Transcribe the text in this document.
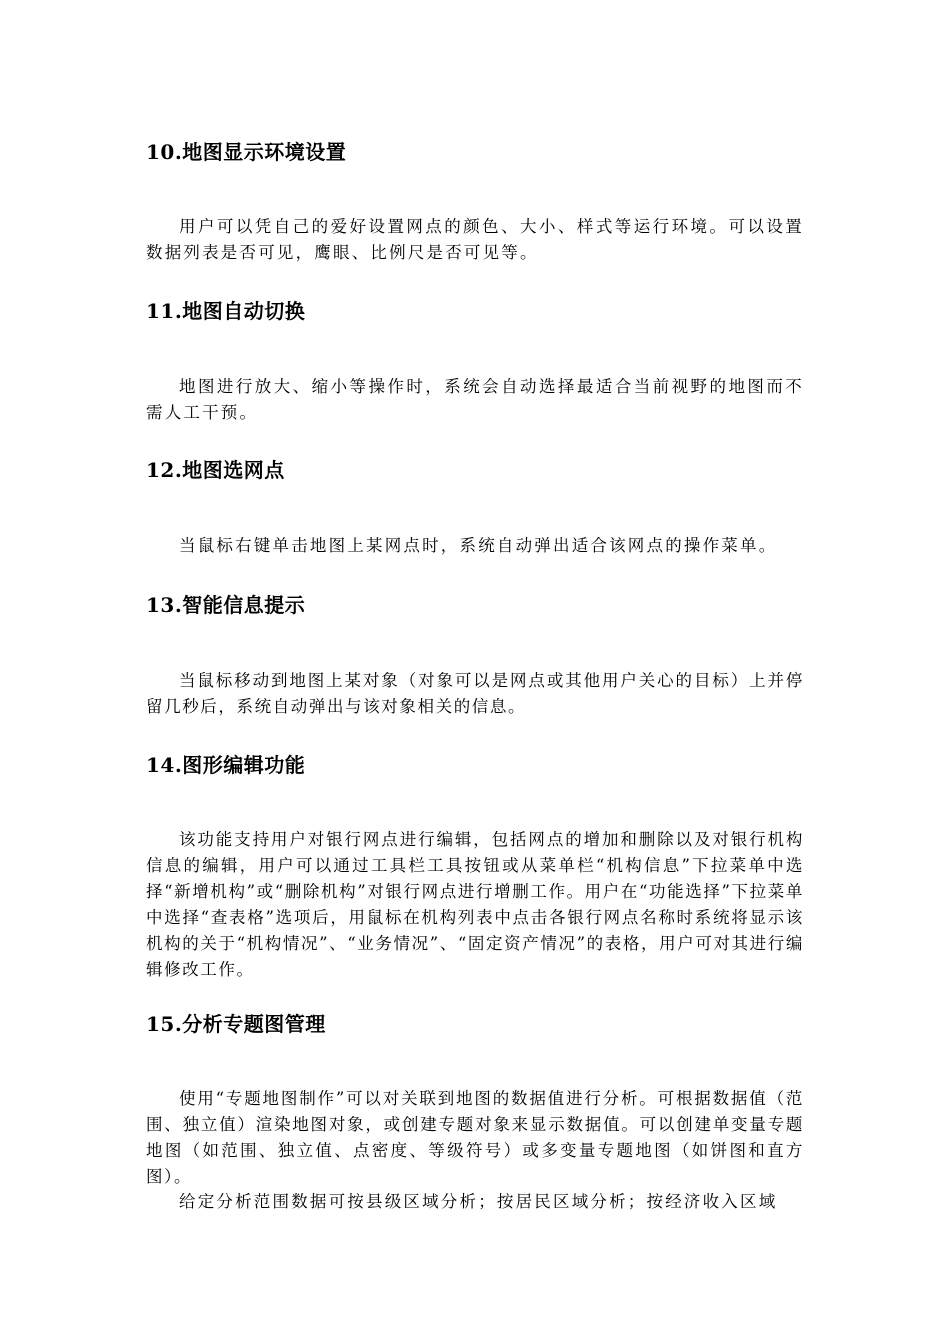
10.地图显示环境设置

用户可以凭自己的爱好设置网点的颜色、大小、样式等运行环境。可以设置数据列表是否可见，鹰眼、比例尺是否可见等。

11.地图自动切换

地图进行放大、缩小等操作时，系统会自动选择最适合当前视野的地图而不需人工干预。

12.地图选网点

当鼠标右键单击地图上某网点时，系统自动弹出适合该网点的操作菜单。

13.智能信息提示

当鼠标移动到地图上某对象（对象可以是网点或其他用户关心的目标）上并停留几秒后，系统自动弹出与该对象相关的信息。

14.图形编辑功能

该功能支持用户对银行网点进行编辑，包括网点的增加和删除以及对银行机构信息的编辑，用户可以通过工具栏工具按钮或从菜单栏“机构信息”下拉菜单中选择“新增机构”或“删除机构”对银行网点进行增删工作。用户在“功能选择”下拉菜单中选择“查表格”选项后，用鼠标在机构列表中点击各银行网点名称时系统将显示该机构的关于“机构情况”、“业务情况”、“固定资产情况”的表格，用户可对其进行编辑修改工作。

15.分析专题图管理

使用“专题地图制作”可以对关联到地图的数据值进行分析。可根据数据值（范围、独立值）渲染地图对象，或创建专题对象来显示数据值。可以创建单变量专题地图（如范围、独立值、点密度、等级符号）或多变量专题地图（如饼图和直方图）。

给定分析范围数据可按县级区域分析；按居民区域分析；按经济收入区域
